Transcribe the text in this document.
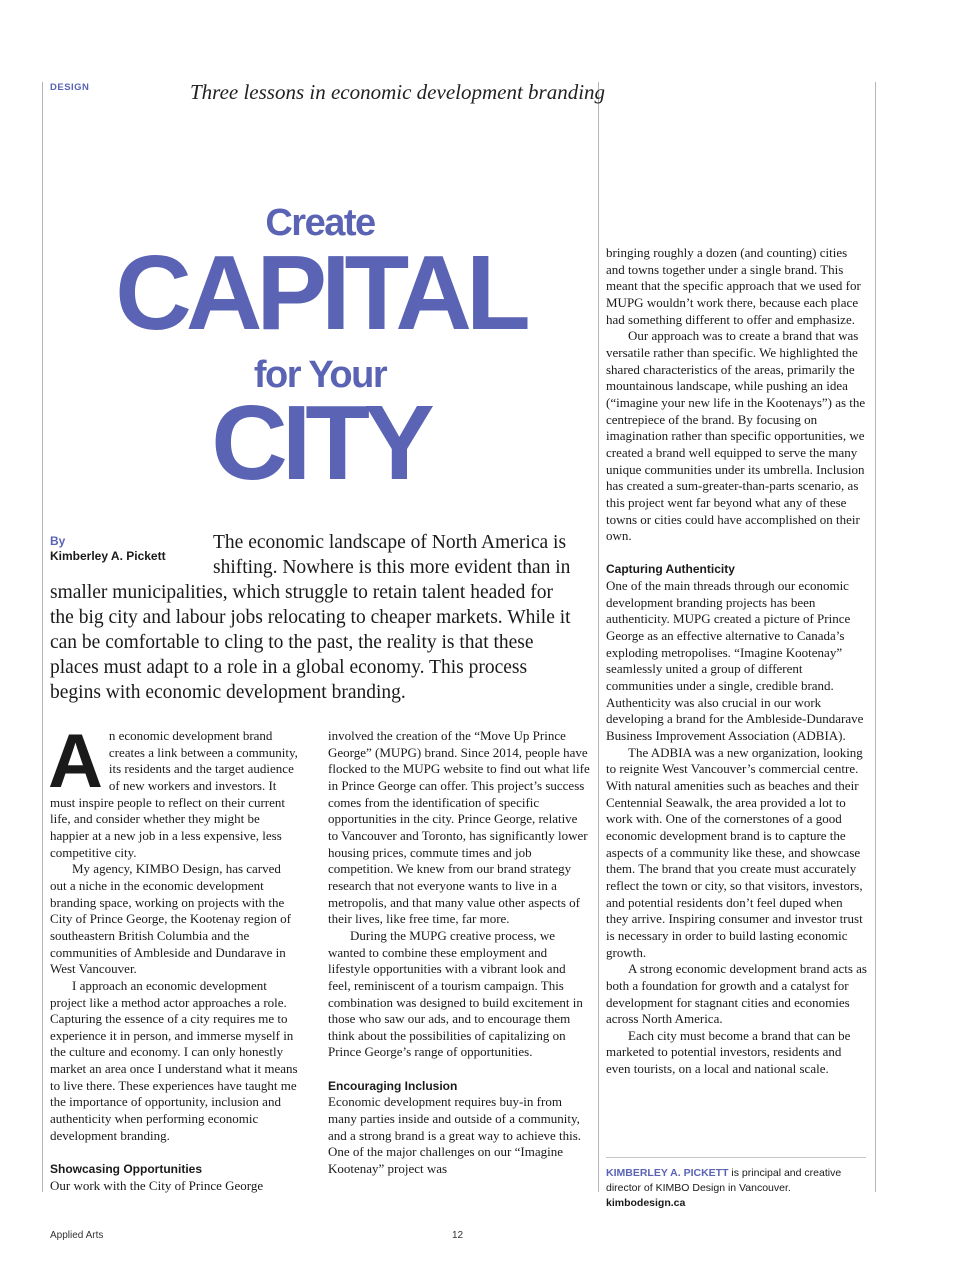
DESIGN	Three lessons in economic development branding
Create
CAPITAL
for Your
CITY
By
Kimberley A. Pickett

The economic landscape of North America is shifting. Nowhere is this more evident than in smaller municipalities, which struggle to retain talent headed for the big city and labour jobs relocating to cheaper markets. While it can be comfortable to cling to the past, the reality is that these places must adapt to a role in a global economy. This process begins with economic development branding.

An economic development brand creates a link between a community, its residents and the target audience of new workers and investors. It must inspire people to reflect on their current life, and consider whether they might be happier at a new job in a less expensive, less competitive city.

My agency, KIMBO Design, has carved out a niche in the economic development branding space, working on projects with the City of Prince George, the Kootenay region of southeastern British Columbia and the communities of Ambleside and Dundarave in West Vancouver.

I approach an economic development project like a method actor approaches a role. Capturing the essence of a city requires me to experience it in person, and immerse myself in the culture and economy. I can only honestly market an area once I understand what it means to live there. These experiences have taught me the importance of opportunity, inclusion and authenticity when performing economic development branding.

Showcasing Opportunities

Our work with the City of Prince George

involved the creation of the “Move Up Prince George” (MUPG) brand. Since 2014, people have flocked to the MUPG website to find out what life in Prince George can offer. This project’s success comes from the identification of specific opportunities in the city. Prince George, relative to Vancouver and Toronto, has significantly lower housing prices, commute times and job competition. We knew from our brand strategy research that not everyone wants to live in a metropolis, and that many value other aspects of their lives, like free time, far more.

During the MUPG creative process, we wanted to combine these employment and lifestyle opportunities with a vibrant look and feel, reminiscent of a tourism campaign. This combination was designed to build excitement in those who saw our ads, and to encourage them think about the possibilities of capitalizing on Prince George’s range of opportunities.

Encouraging Inclusion

Economic development requires buy-in from many parties inside and outside of a community, and a strong brand is a great way to achieve this. One of the major challenges on our “Imagine Kootenay” project was

bringing roughly a dozen (and counting) cities and towns together under a single brand. This meant that the specific approach that we used for MUPG wouldn’t work there, because each place had something different to offer and emphasize.

Our approach was to create a brand that was versatile rather than specific. We highlighted the shared characteristics of the areas, primarily the mountainous landscape, while pushing an idea (“imagine your new life in the Kootenays”) as the centrepiece of the brand. By focusing on imagination rather than specific opportunities, we created a brand well equipped to serve the many unique communities under its umbrella. Inclusion has created a sum-greater-than-parts scenario, as this project went far beyond what any of these towns or cities could have accomplished on their own.

Capturing Authenticity

One of the main threads through our economic development branding projects has been authenticity. MUPG created a picture of Prince George as an effective alternative to Canada’s exploding metropolises. “Imagine Kootenay” seamlessly united a group of different communities under a single, credible brand. Authenticity was also crucial in our work developing a brand for the Ambleside-Dundarave Business Improvement Association (ADBIA).

The ADBIA was a new organization, looking to reignite West Vancouver’s commercial centre. With natural amenities such as beaches and their Centennial Seawalk, the area provided a lot to work with. One of the cornerstones of a good economic development brand is to capture the aspects of a community like these, and showcase them. The brand that you create must accurately reflect the town or city, so that visitors, investors, and potential residents don’t feel duped when they arrive. Inspiring consumer and investor trust is necessary in order to build lasting economic growth.

A strong economic development brand acts as both a foundation for growth and a catalyst for development for stagnant cities and economies across North America.

Each city must become a brand that can be marketed to potential investors, residents and even tourists, on a local and national scale.

KIMBERLEY A. PICKETT is principal and creative director of KIMBO Design in Vancouver. kimbodesign.ca
Applied Arts	12
